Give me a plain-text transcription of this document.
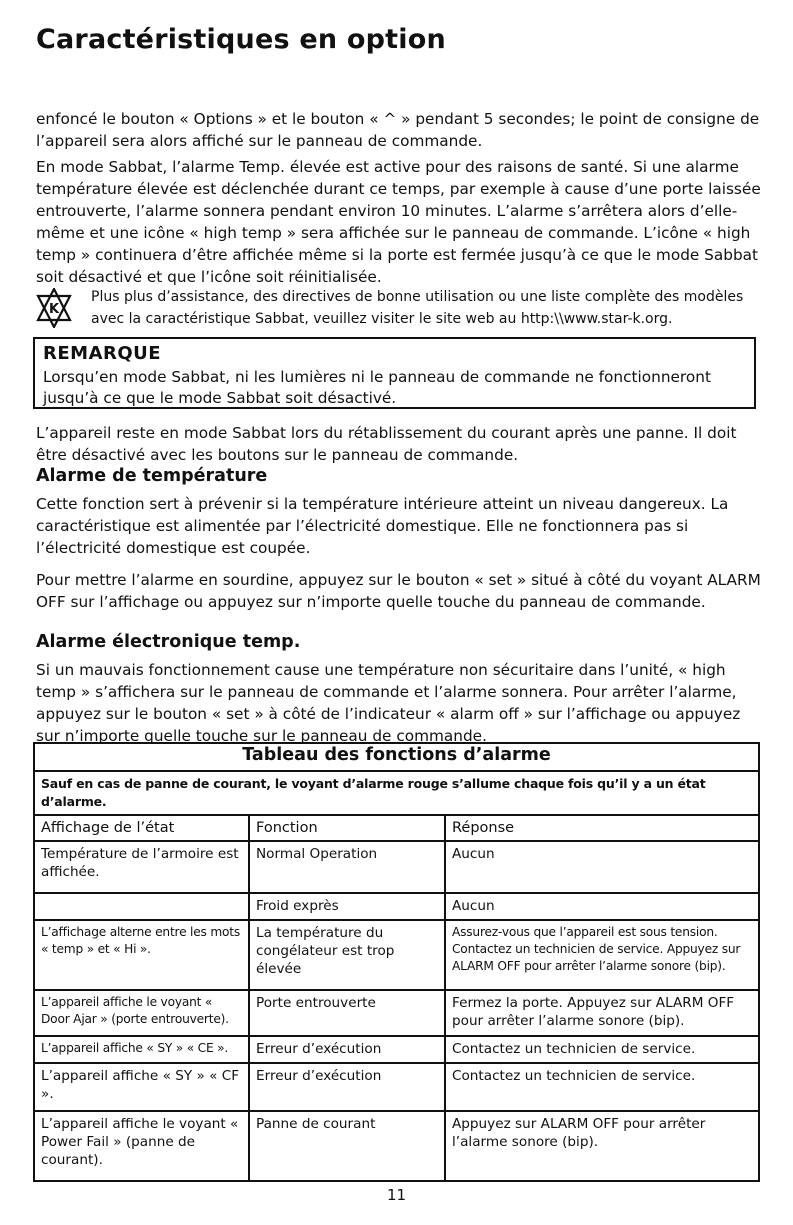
Caractéristiques en option

enfoncé le bouton « Options » et le bouton « ^ » pendant 5 secondes; le point de consigne de l’appareil sera alors affiché sur le panneau de commande.

En mode Sabbat, l’alarme Temp. élevée est active pour des raisons de santé. Si une alarme température élevée est déclenchée durant ce temps, par exemple à cause d’une porte laissée entrouverte, l’alarme sonnera pendant environ 10 minutes. L’alarme s’arrêtera alors d’elle-même et une icône « high temp » sera affichée sur le panneau de commande. L’icône « high temp » continuera d’être affichée même si la porte est fermée jusqu’à ce que le mode Sabbat soit désactivé et que l’icône soit réinitialisée.

K
Plus plus d’assistance, des directives de bonne utilisation ou une liste complète des modèles
avec la caractéristique Sabbat, veuillez visiter le site web au http:\\www.star-k.org.
REMARQUE

Lorsqu’en mode Sabbat, ni les lumières ni le panneau de commande ne fonctionneront jusqu’à ce que le mode Sabbat soit désactivé.

L’appareil reste en mode Sabbat lors du rétablissement du courant après une panne. Il doit être désactivé avec les boutons sur le panneau de commande.

Alarme de température

Cette fonction sert à prévenir si la température intérieure atteint un niveau dangereux. La caractéristique est alimentée par l’électricité domestique. Elle ne fonctionnera pas si l’électricité domestique est coupée.

Pour mettre l’alarme en sourdine, appuyez sur le bouton « set » situé à côté du voyant ALARM OFF sur l’affichage ou appuyez sur n’importe quelle touche du panneau de commande.

Alarme électronique temp.

Si un mauvais fonctionnement cause une température non sécuritaire dans l’unité, « high temp » s’affichera sur le panneau de commande et l’alarme sonnera. Pour arrêter l’alarme, appuyez sur le bouton « set » à côté de l’indicateur « alarm off » sur l’affichage ou appuyez sur n’importe quelle touche sur le panneau de commande.

Tableau des fonctions d’alarme		
Sauf en cas de panne de courant, le voyant d’alarme rouge s’allume chaque fois qu’il y a un état d’alarme.		
Affichage de l’état	Fonction	Réponse
Température de l’armoire est affichée.	Normal Operation	Aucun
	Froid exprès	Aucun
L’affichage alterne entre les mots « temp » et « Hi ».	La température du congélateur est trop élevée	Assurez-vous que l’appareil est sous tension. Contactez un technicien de service. Appuyez sur ALARM OFF pour arrêter l’alarme sonore (bip).
L’appareil affiche le voyant « Door Ajar » (porte entrouverte).	Porte entrouverte	Fermez la porte. Appuyez sur ALARM OFF pour arrêter l’alarme sonore (bip).
L’appareil affiche « SY » « CE ».	Erreur d’exécution	Contactez un technicien de service.
L’appareil affiche « SY » « CF ».	Erreur d’exécution	Contactez un technicien de service.
L’appareil affiche le voyant « Power Fail » (panne de courant).	Panne de courant	Appuyez sur ALARM OFF pour arrêter l’alarme sonore (bip).
11
